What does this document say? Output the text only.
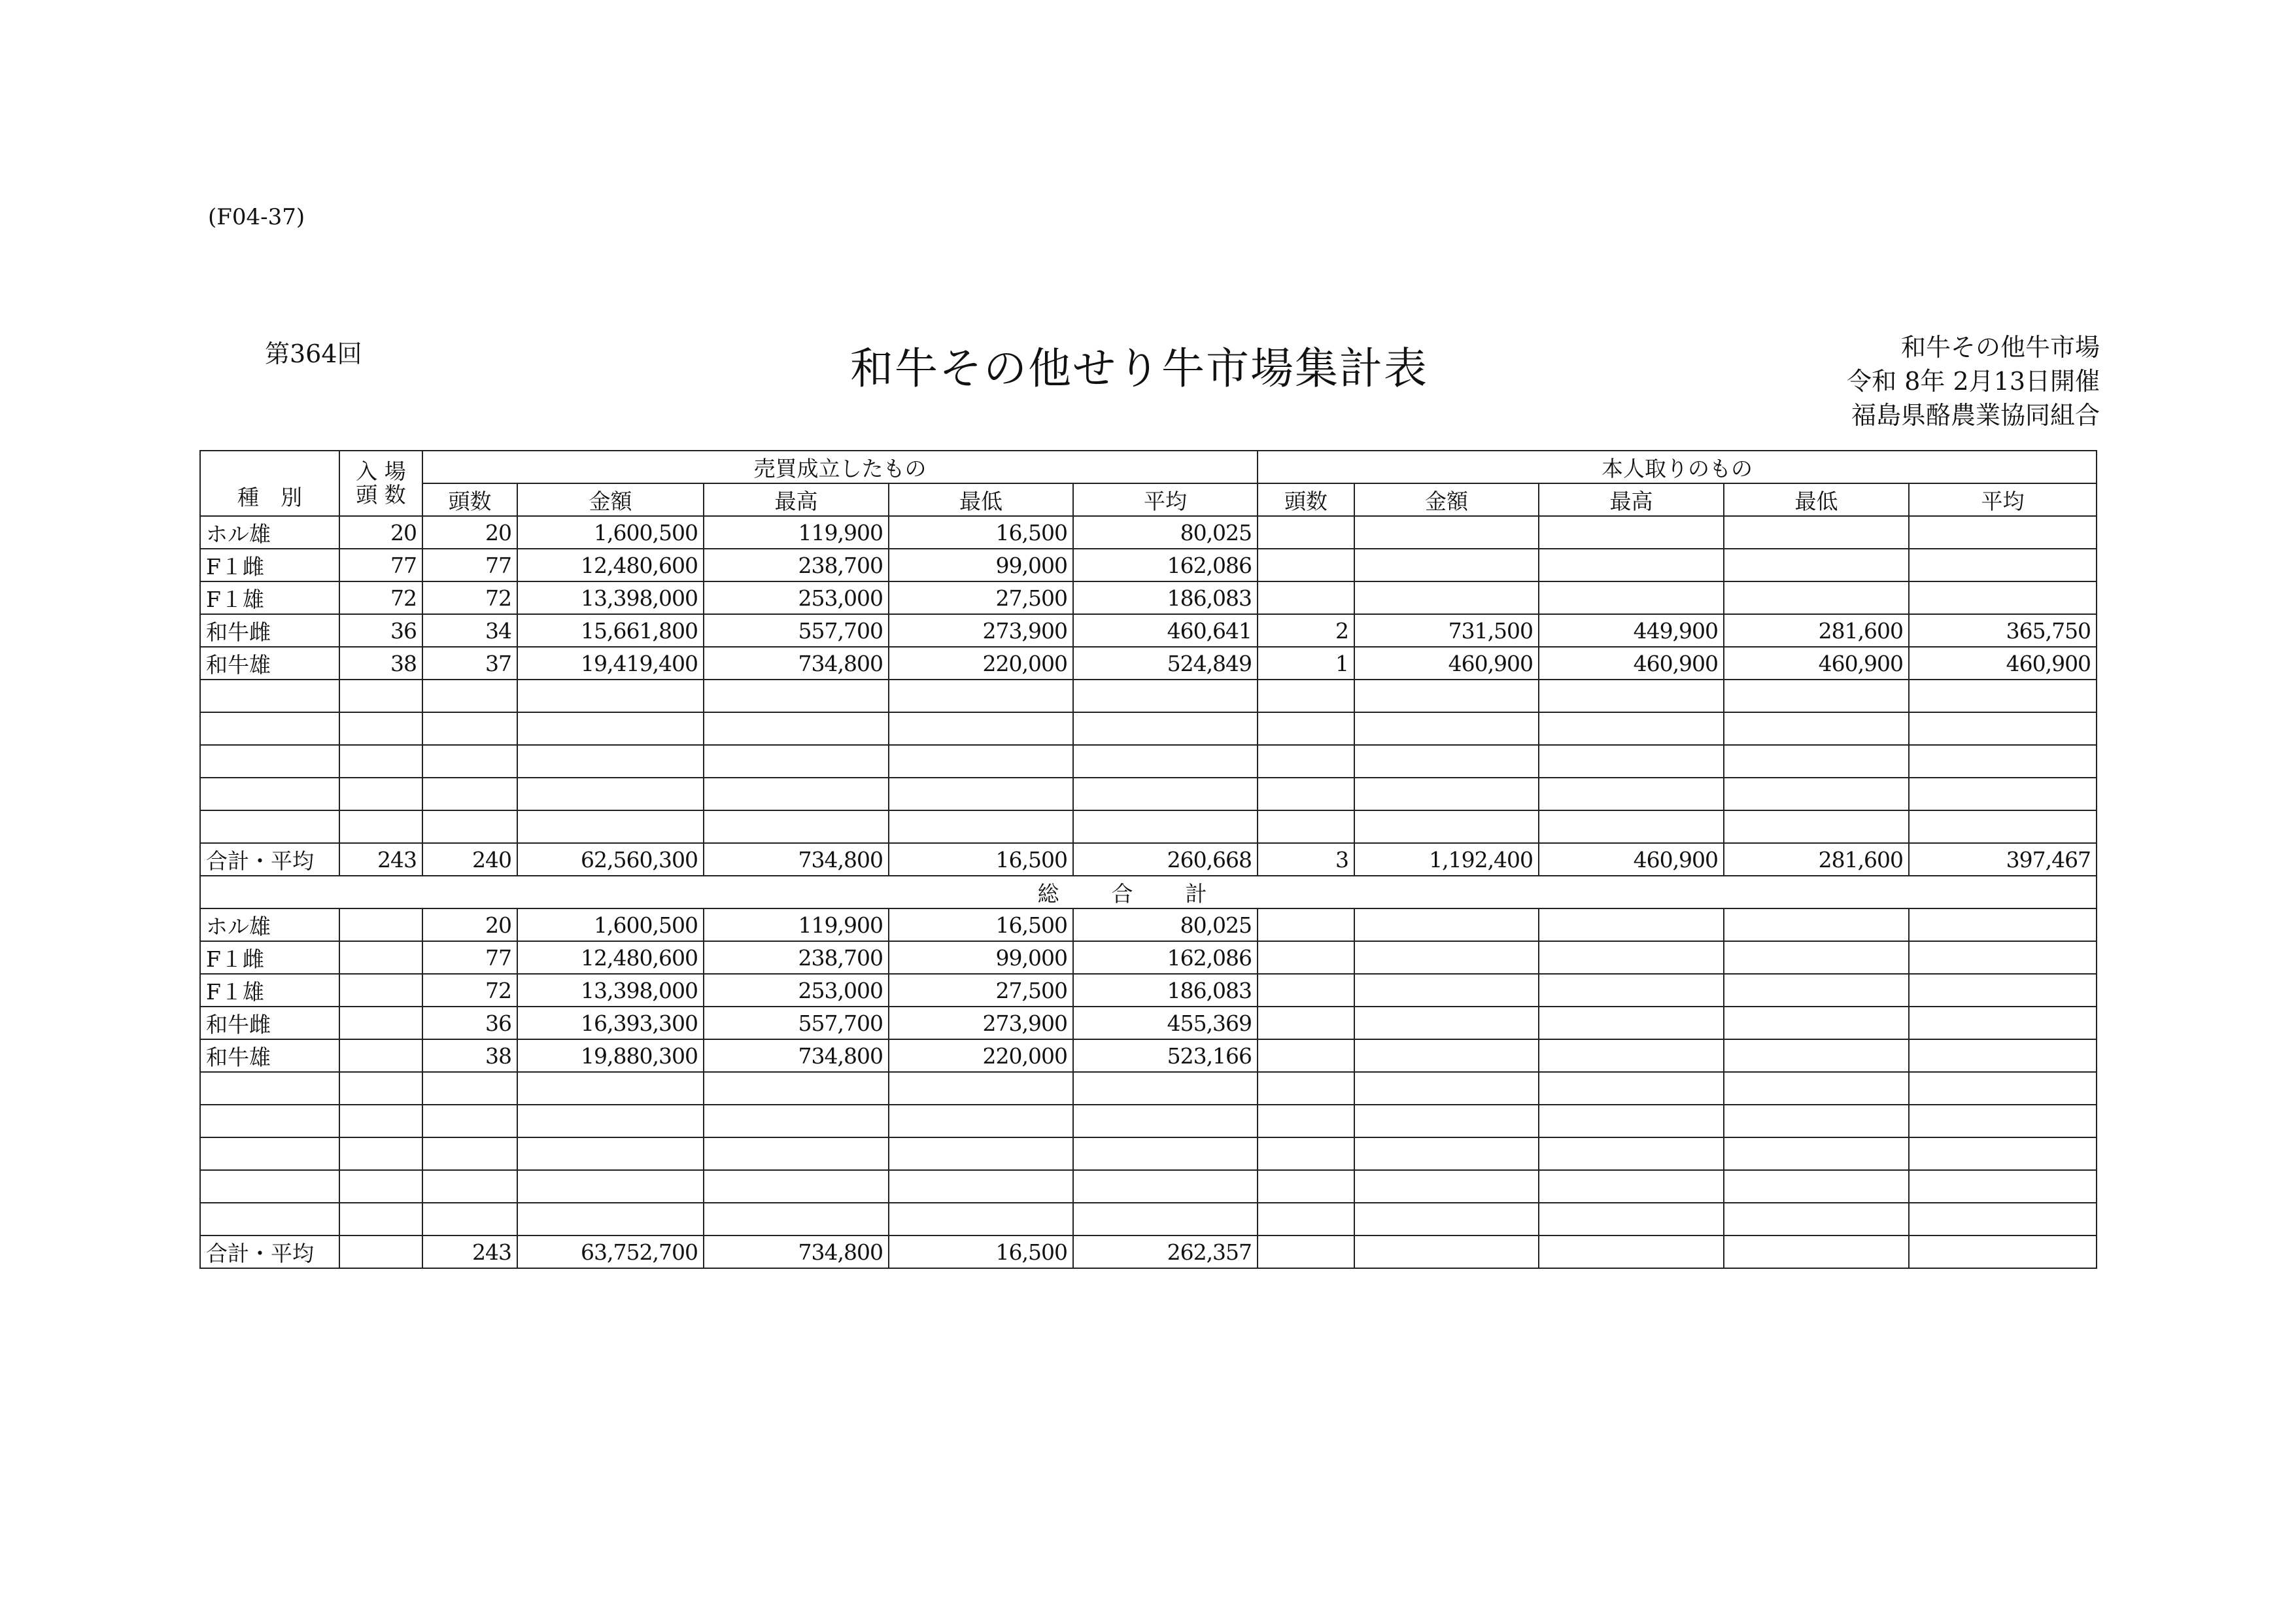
(F04-37)
第364回	和牛その他せり牛市場集計表	和牛その他牛市場
令和 8年 2月13日開催
福島県酪農業協同組合
種　別	入 場
頭 数	売買成立したもの					本人取りのもの				
		頭数	金額	最高	最低	平均	頭数	金額	最高	最低	平均
ホル雄	20	20	1,600,500	119,900	16,500	80,025					
F１雌	77	77	12,480,600	238,700	99,000	162,086					
F１雄	72	72	13,398,000	253,000	27,500	186,083					
和牛雌	36	34	15,661,800	557,700	273,900	460,641	2	731,500	449,900	281,600	365,750
和牛雄	38	37	19,419,400	734,800	220,000	524,849	1	460,900	460,900	460,900	460,900

合計・平均	243	240	62,560,300	734,800	16,500	260,668	3	1,192,400	460,900	281,600	397,467
総合計											
ホル雄		20	1,600,500	119,900	16,500	80,025					
F１雌		77	12,480,600	238,700	99,000	162,086					
F１雄		72	13,398,000	253,000	27,500	186,083					
和牛雌		36	16,393,300	557,700	273,900	455,369					
和牛雄		38	19,880,300	734,800	220,000	523,166					

合計・平均		243	63,752,700	734,800	16,500	262,357					
